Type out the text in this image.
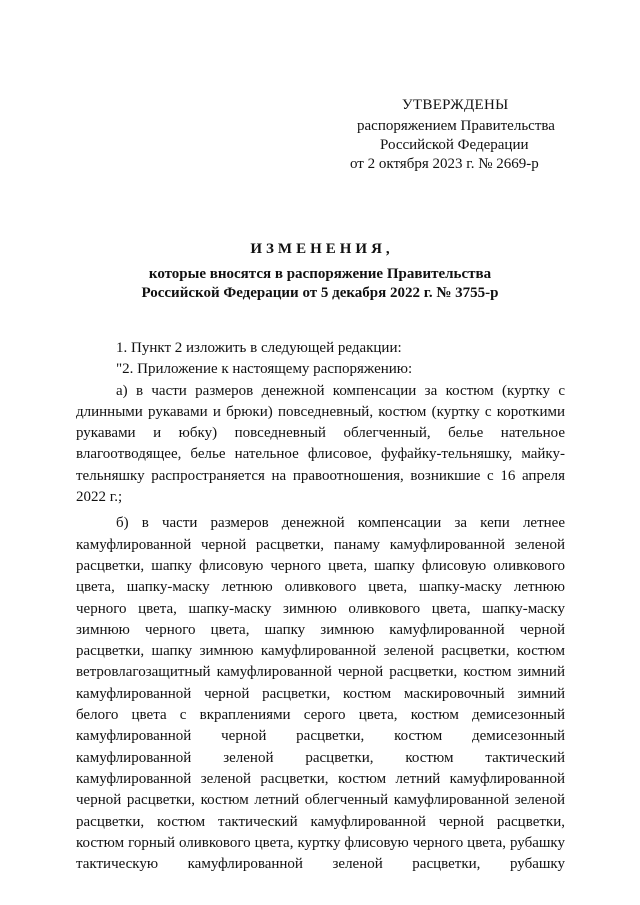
УТВЕРЖДЕНЫ
распоряжением Правительства
Российской Федерации
от 2 октября 2023 г. № 2669-р
ИЗМЕНЕНИЯ,
которые вносятся в распоряжение Правительства
Российской Федерации от 5 декабря 2022 г. № 3755-р

1. Пункт 2 изложить в следующей редакции:

"2. Приложение к настоящему распоряжению:

а) в части размеров денежной компенсации за костюм (куртку с длинными рукавами и брюки) повседневный, костюм (куртку с короткими рукавами и юбку) повседневный облегченный, белье нательное влагоотводящее, белье нательное флисовое, фуфайку-тельняшку, майку-тельняшку распространяется на правоотношения, возникшие с 16 апреля 2022 г.;

б) в части размеров денежной компенсации за кепи летнее камуфлированной черной расцветки, панаму камуфлированной зеленой расцветки, шапку флисовую черного цвета, шапку флисовую оливкового цвета, шапку-маску летнюю оливкового цвета, шапку-маску летнюю черного цвета, шапку-маску зимнюю оливкового цвета, шапку-маску зимнюю черного цвета, шапку зимнюю камуфлированной черной расцветки, шапку зимнюю камуфлированной зеленой расцветки, костюм ветровлагозащитный камуфлированной черной расцветки, костюм зимний камуфлированной черной расцветки, костюм маскировочный зимний белого цвета с вкраплениями серого цвета, костюм демисезонный камуфлированной черной расцветки, костюм демисезонный камуфлированной зеленой расцветки, костюм тактический камуфлированной зеленой расцветки, костюм летний камуфлированной черной расцветки, костюм летний облегченный камуфлированной зеленой расцветки, костюм тактический камуфлированной черной расцветки, костюм горный оливкового цвета, куртку флисовую черного цвета, рубашку тактическую камуфлированной зеленой расцветки, рубашку
